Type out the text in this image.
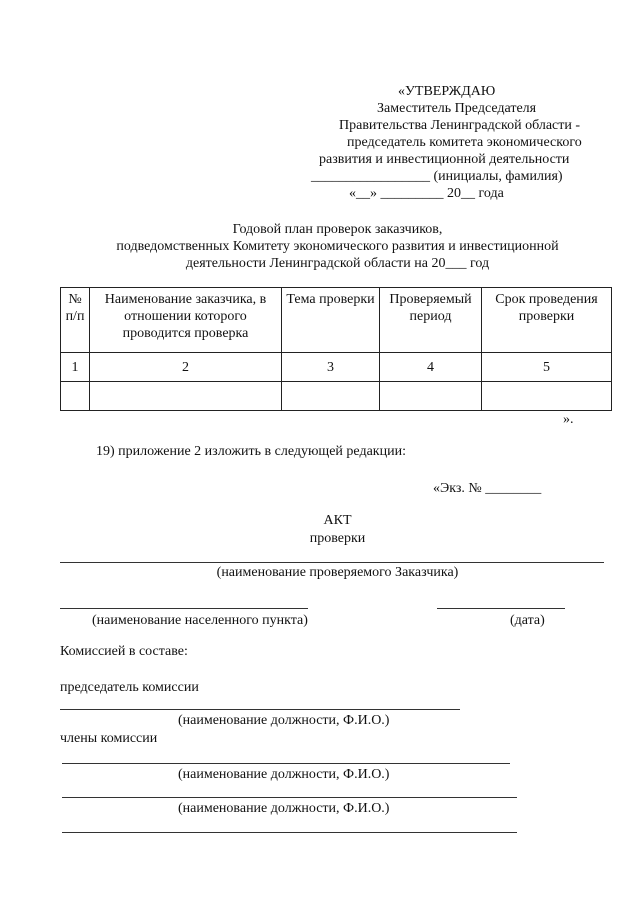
«УТВЕРЖДАЮ
Заместитель Председателя
Правительства Ленинградской области -
председатель комитета экономического
развития и инвестиционной деятельности
_________________ (инициалы, фамилия)
«__» _________ 20__ года
Годовой план проверок заказчиков,
подведомственных Комитету экономического развития и инвестиционной
деятельности Ленинградской области на 20___ год
№ п/п	Наименование заказчика, в отношении которого проводится проверка	Тема проверки	Проверяемый период	Срок проведения проверки
1	2	3	4	5

».
19) приложение 2 изложить в следующей редакции:
«Экз. № ________
АКТ
проверки
(наименование проверяемого Заказчика)
(наименование населенного пункта)	(дата)
Комиссией в составе:
председатель комиссии
(наименование должности, Ф.И.О.)
члены комиссии
(наименование должности, Ф.И.О.)
(наименование должности, Ф.И.О.)
